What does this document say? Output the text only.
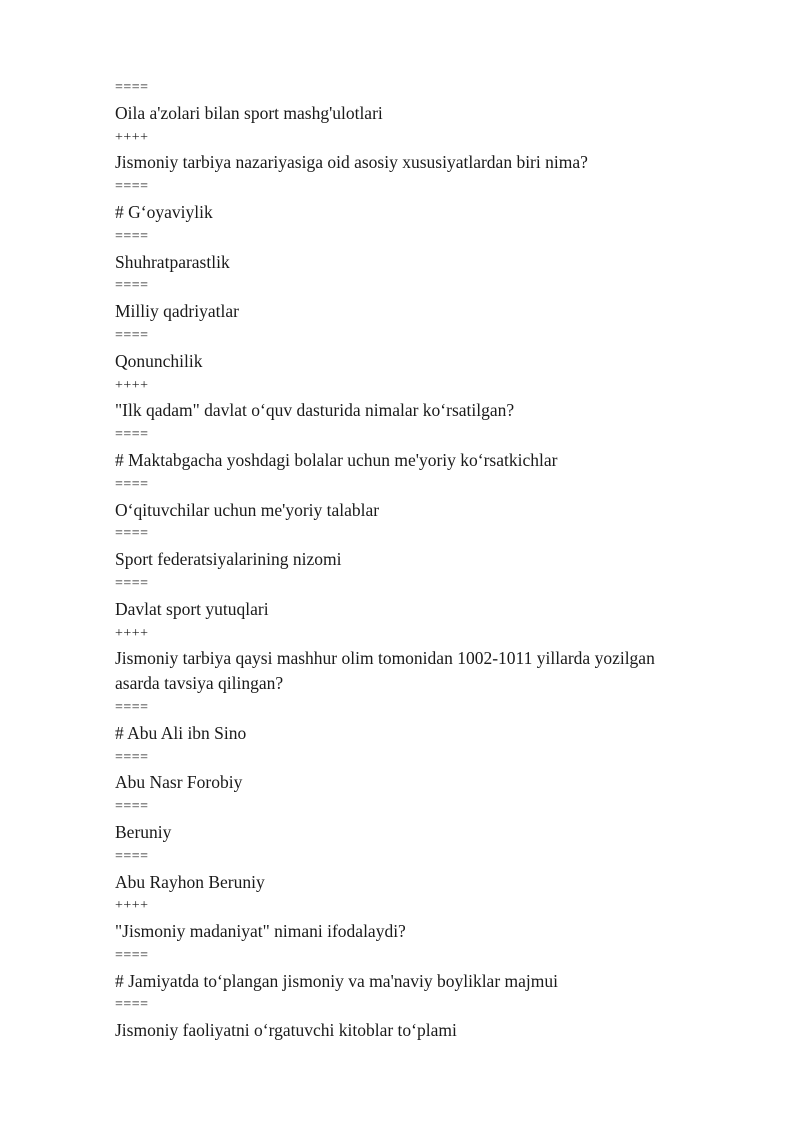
====
Oila a'zolari bilan sport mashg'ulotlari
++++
Jismoniy tarbiya nazariyasiga oid asosiy xususiyatlardan biri nima?
====
# G‘oyaviylik
====
Shuhratparastlik
====
Milliy qadriyatlar
====
Qonunchilik
++++
"Ilk qadam" davlat o‘quv dasturida nimalar ko‘rsatilgan?
====
# Maktabgacha yoshdagi bolalar uchun me'yoriy ko‘rsatkichlar
====
O‘qituvchilar uchun me'yoriy talablar
====
Sport federatsiyalarining nizomi
====
Davlat sport yutuqlari
++++
Jismoniy tarbiya qaysi mashhur olim tomonidan 1002-1011 yillarda yozilgan
asarda tavsiya qilingan?
====
# Abu Ali ibn Sino
====
Abu Nasr Forobiy
====
Beruniy
====
Abu Rayhon Beruniy
++++
"Jismoniy madaniyat" nimani ifodalaydi?
====
# Jamiyatda to‘plangan jismoniy va ma'naviy boyliklar majmui
====
Jismoniy faoliyatni o‘rgatuvchi kitoblar to‘plami
